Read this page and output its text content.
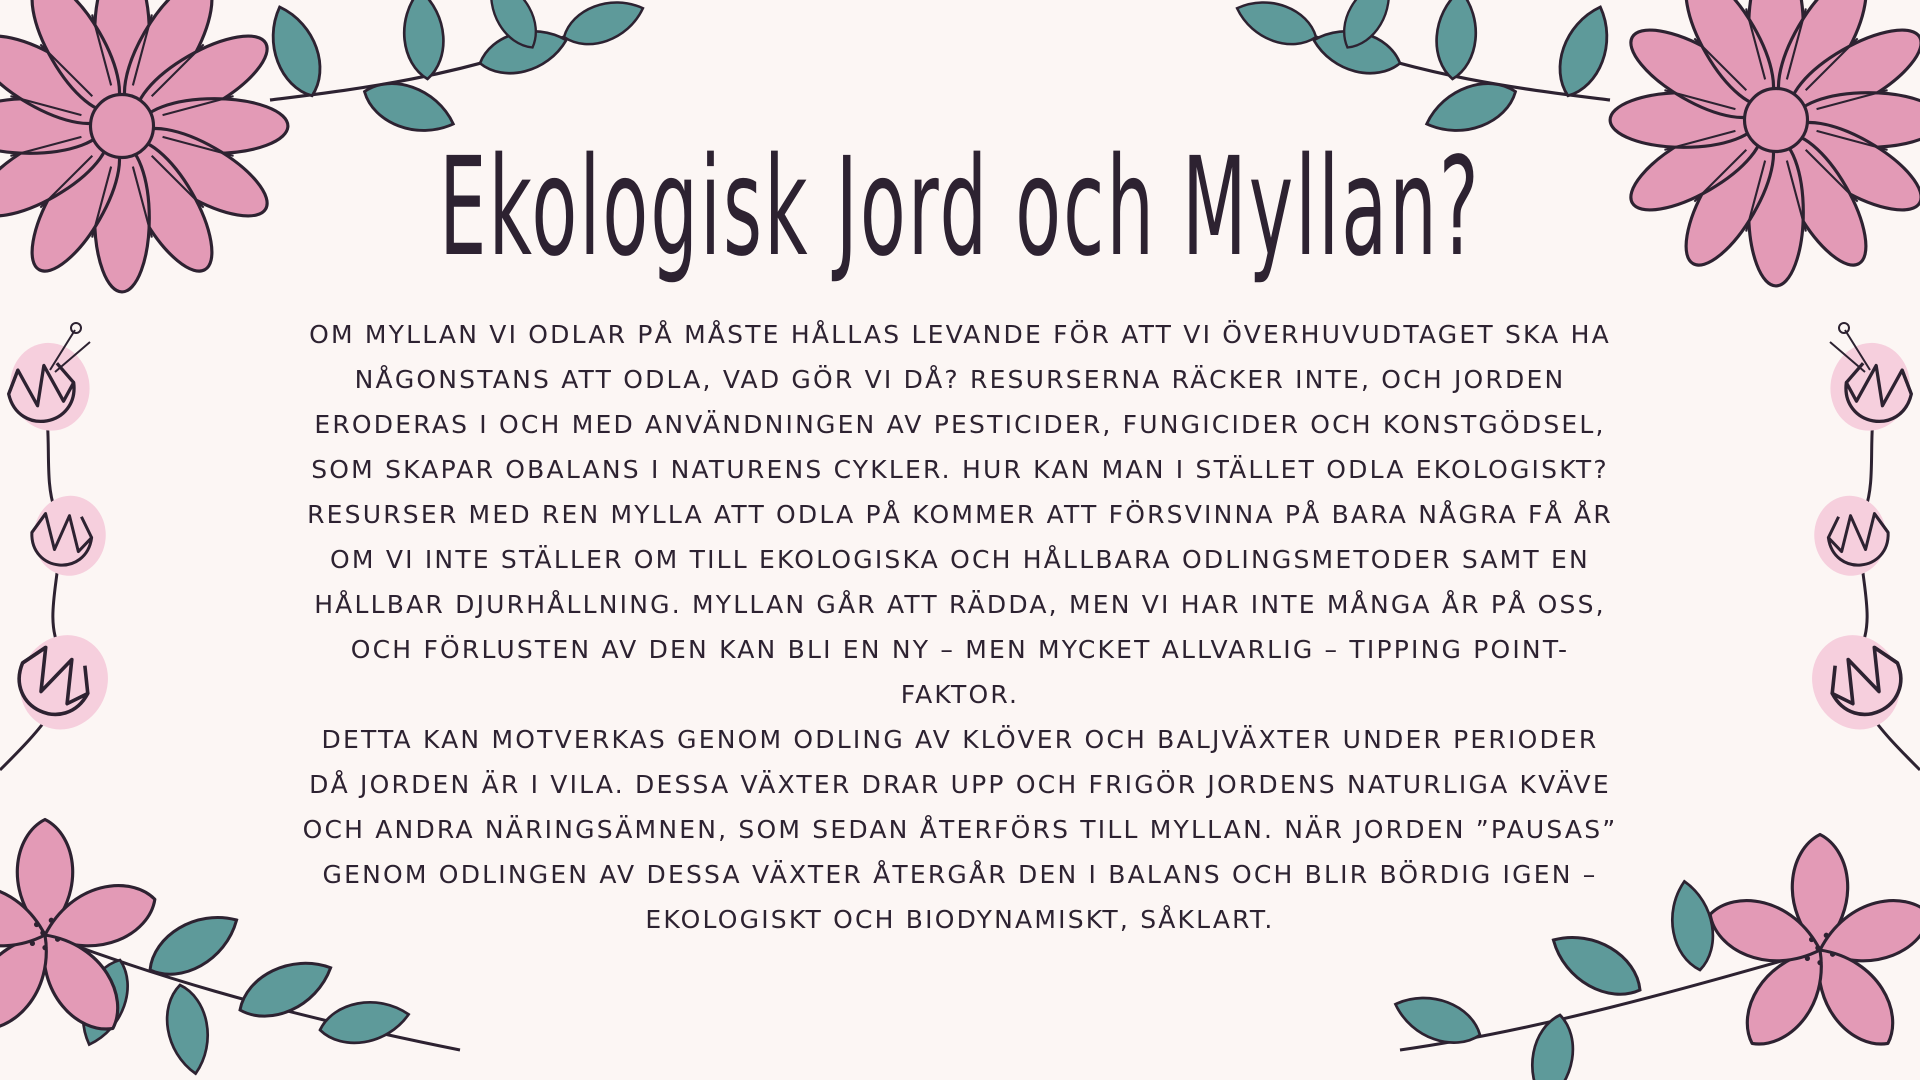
Ekologisk Jord och Myllan?

OM MYLLAN VI ODLAR PÅ MÅSTE HÅLLAS LEVANDE FÖR ATT VI ÖVERHUVUDTAGET SKA HA NÅGONSTANS ATT ODLA, VAD GÖR VI DÅ? RESURSERNA RÄCKER INTE, OCH JORDEN ERODERAS I OCH MED ANVÄNDNINGEN AV PESTICIDER, FUNGICIDER OCH KONSTGÖDSEL, SOM SKAPAR OBALANS I NATURENS CYKLER. HUR KAN MAN I STÄLLET ODLA EKOLOGISKT?

RESURSER MED REN MYLLA ATT ODLA PÅ KOMMER ATT FÖRSVINNA PÅ BARA NÅGRA FÅ ÅR OM VI INTE STÄLLER OM TILL EKOLOGISKA OCH HÅLLBARA ODLINGSMETODER SAMT EN HÅLLBAR DJURHÅLLNING. MYLLAN GÅR ATT RÄDDA, MEN VI HAR INTE MÅNGA ÅR PÅ OSS, OCH FÖRLUSTEN AV DEN KAN BLI EN NY – MEN MYCKET ALLVARLIG – TIPPING POINT-FAKTOR.

DETTA KAN MOTVERKAS GENOM ODLING AV KLÖVER OCH BALJVÄXTER UNDER PERIODER DÅ JORDEN ÄR I VILA. DESSA VÄXTER DRAR UPP OCH FRIGÖR JORDENS NATURLIGA KVÄVE OCH ANDRA NÄRINGSÄMNEN, SOM SEDAN ÅTERFÖRS TILL MYLLAN. NÄR JORDEN ”PAUSAS” GENOM ODLINGEN AV DESSA VÄXTER ÅTERGÅR DEN I BALANS OCH BLIR BÖRDIG IGEN – EKOLOGISKT OCH BIODYNAMISKT, SÅKLART.
